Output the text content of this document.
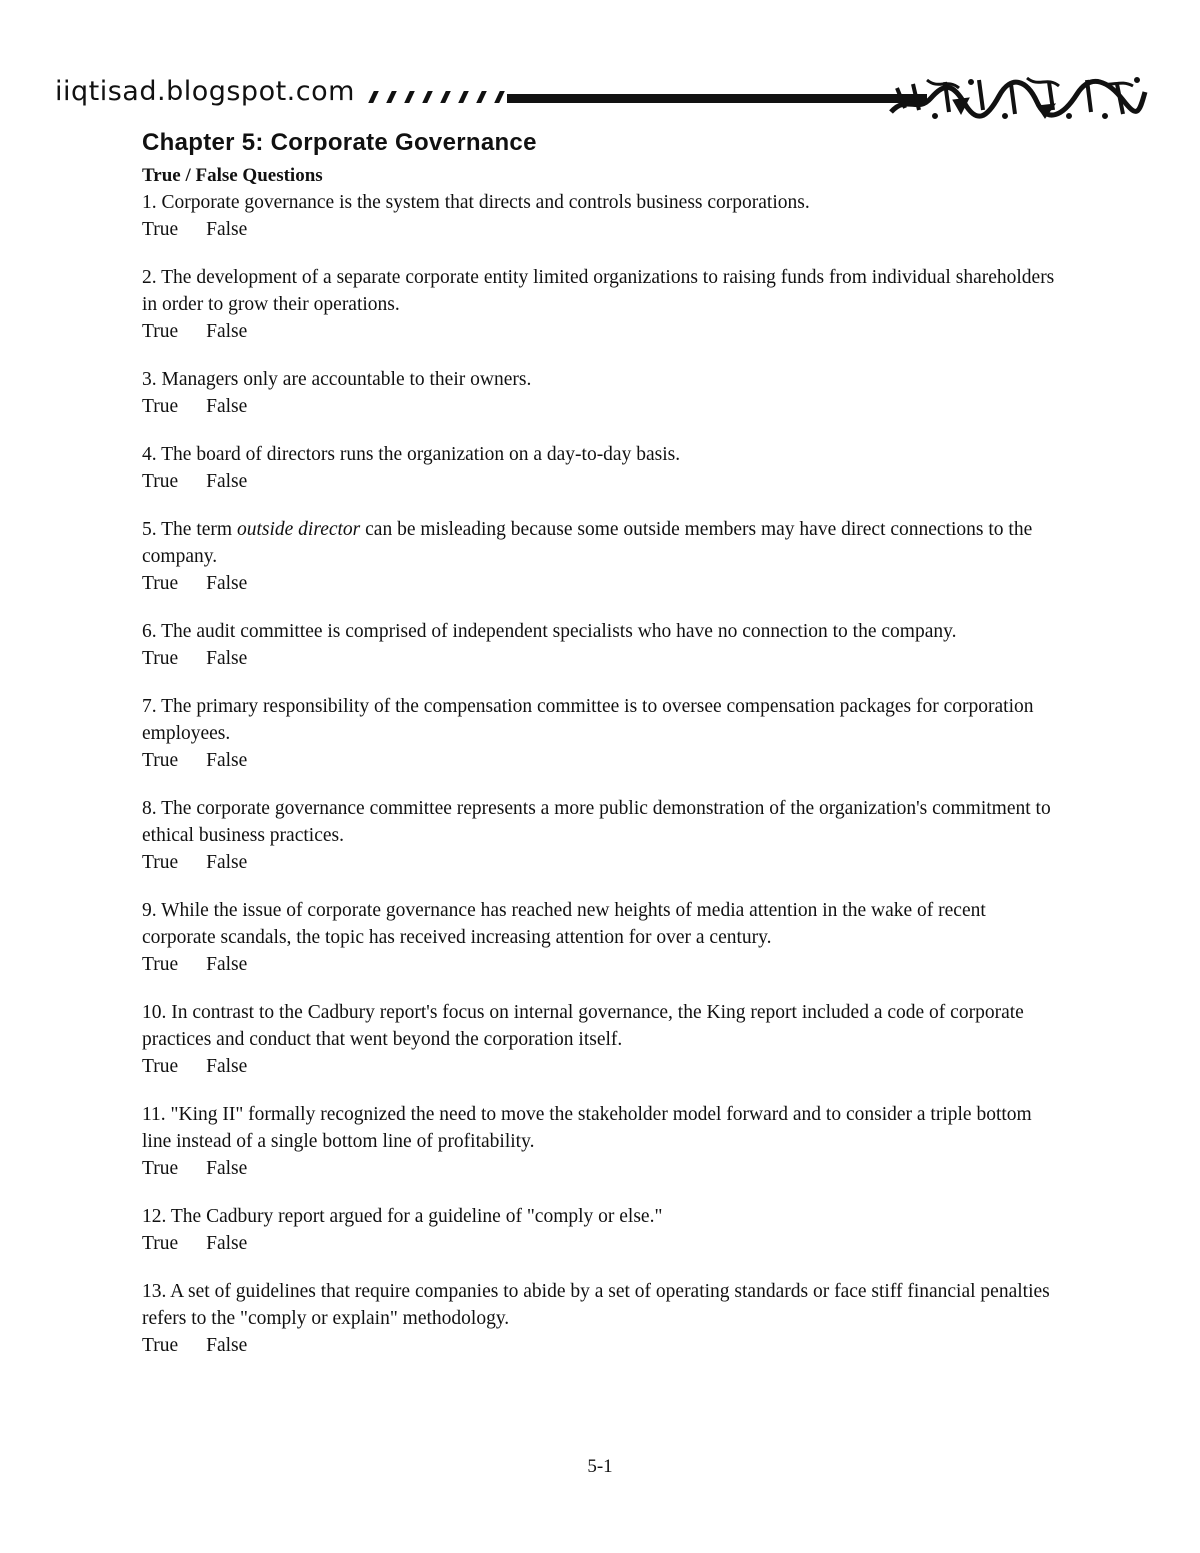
iiqtisad.blogspot.com
Chapter 5: Corporate Governance
True / False Questions
1. Corporate governance is the system that directs and controls business corporations.
True False
2. The development of a separate corporate entity limited organizations to raising funds from individual shareholders in order to grow their operations.
True False
3. Managers only are accountable to their owners.
True False
4. The board of directors runs the organization on a day-to-day basis.
True False
5. The term outside director can be misleading because some outside members may have direct connections to the company.
True False
6. The audit committee is comprised of independent specialists who have no connection to the company.
True False
7. The primary responsibility of the compensation committee is to oversee compensation packages for corporation employees.
True False
8. The corporate governance committee represents a more public demonstration of the organization's commitment to ethical business practices.
True False
9. While the issue of corporate governance has reached new heights of media attention in the wake of recent corporate scandals, the topic has received increasing attention for over a century.
True False
10. In contrast to the Cadbury report's focus on internal governance, the King report included a code of corporate practices and conduct that went beyond the corporation itself.
True False
11. "King II" formally recognized the need to move the stakeholder model forward and to consider a triple bottom line instead of a single bottom line of profitability.
True False
12. The Cadbury report argued for a guideline of "comply or else."
True False
13. A set of guidelines that require companies to abide by a set of operating standards or face stiff financial penalties refers to the "comply or explain" methodology.
True False
5-1
